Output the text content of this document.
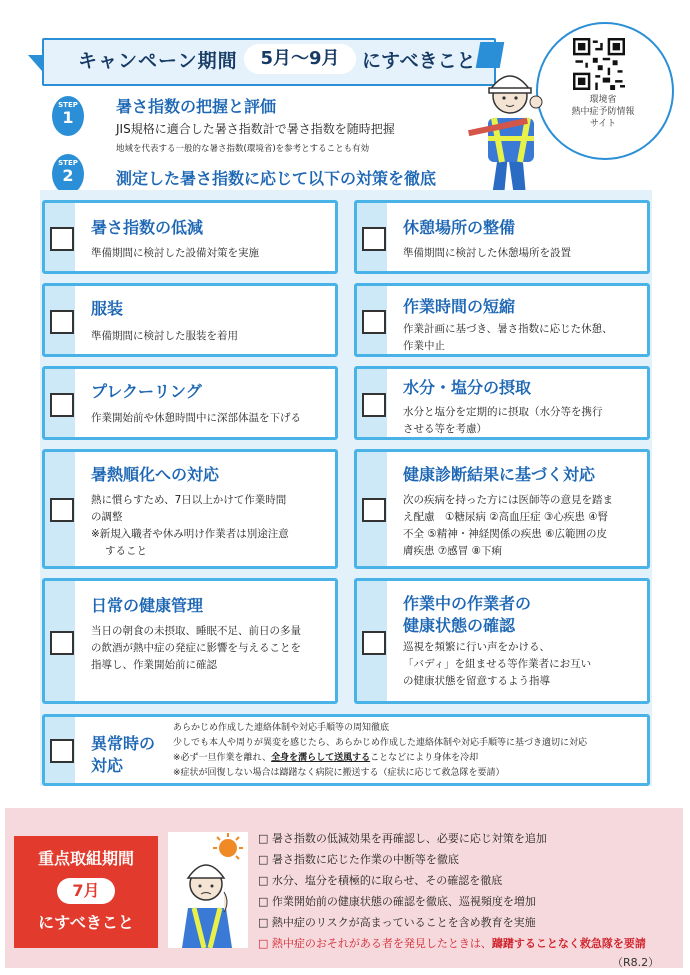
キャンペーン期間	5月～9月	にすべきこと
環境省
熱中症予防情報
サイト
STEP
1
暑さ指数の把握と評価
JIS規格に適合した暑さ指数計で暑さ指数を随時把握
地域を代表する一般的な暑さ指数(環境省)を参考とすることも有効
STEP
2	測定した暑さ指数に応じて以下の対策を徹底
暑さ指数の低減
準備期間に検討した設備対策を実施
休憩場所の整備
準備期間に検討した休憩場所を設置
服装
準備期間に検討した服装を着用
作業時間の短縮
作業計画に基づき、暑さ指数に応じた休憩、
作業中止
プレクーリング
作業開始前や休憩時間中に深部体温を下げる
水分・塩分の摂取
水分と塩分を定期的に摂取（水分等を携行
させる等を考慮）
暑熱順化への対応
熱に慣らすため、7日以上かけて作業時間
の調整
※新規入職者や休み明け作業者は別途注意
すること
健康診断結果に基づく対応
次の疾病を持った方には医師等の意見を踏ま
え配慮　①糖尿病 ②高血圧症 ③心疾患 ④腎
不全 ⑤精神・神経関係の疾患 ⑥広範囲の皮
膚疾患 ⑦感冒 ⑧下痢
日常の健康管理
当日の朝食の未摂取、睡眠不足、前日の多量
の飲酒が熱中症の発症に影響を与えることを
指導し、作業開始前に確認
作業中の作業者の
健康状態の確認
巡視を頻繁に行い声をかける、
「バディ」を組ませる等作業者にお互い
の健康状態を留意するよう指導
異常時の
対応
あらかじめ作成した連絡体制や対応手順等の周知徹底
少しでも本人や周りが異変を感じたら、あらかじめ作成した連絡体制や対応手順等に基づき適切に対応
※必ず一旦作業を離れ、全身を濡らして送風することなどにより身体を冷却
※症状が回復しない場合は躊躇なく病院に搬送する（症状に応じて救急隊を要請）
重点取組期間
7月
にすべきこと
□ 暑さ指数の低減効果を再確認し、必要に応じ対策を追加
□ 暑さ指数に応じた作業の中断等を徹底
□ 水分、塩分を積極的に取らせ、その確認を徹底
□ 作業開始前の健康状態の確認を徹底、巡視頻度を増加
□ 熱中症のリスクが高まっていることを含め教育を実施
□ 熱中症のおそれがある者を発見したときは、躊躇することなく救急隊を要請
（R8.2）
